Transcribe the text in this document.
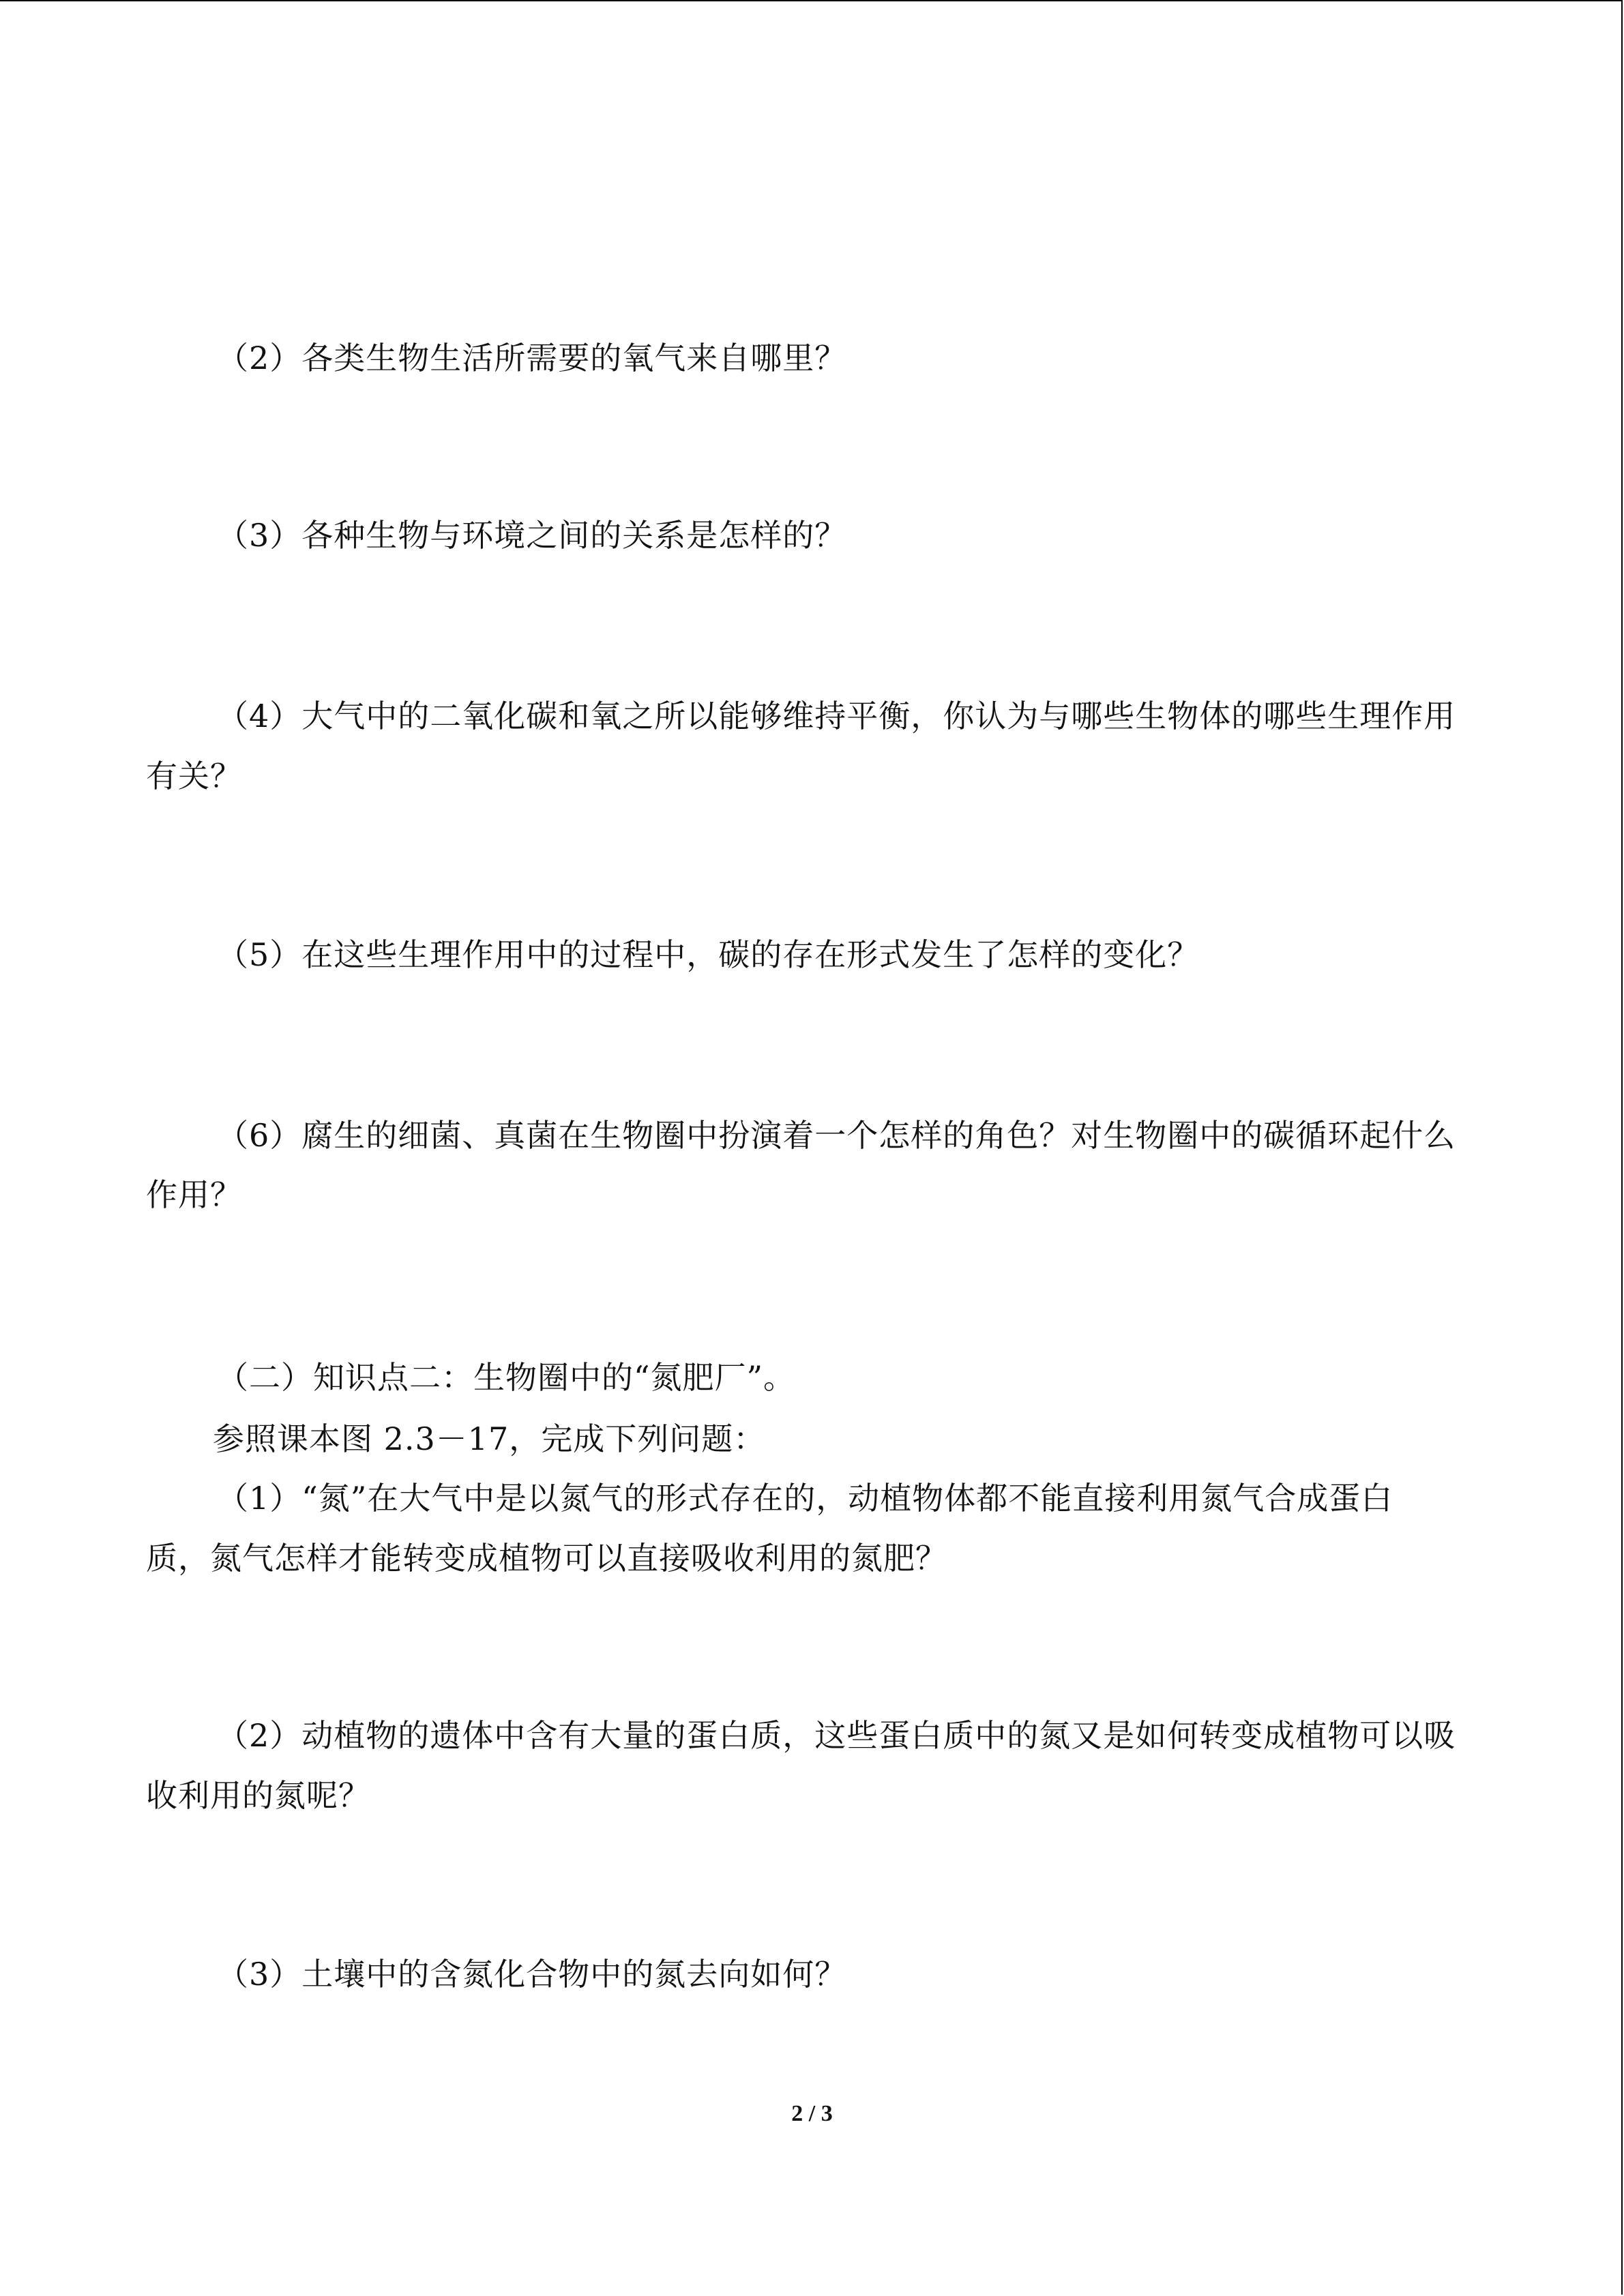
（2）各类生物生活所需要的氧气来自哪里？

（3）各种生物与环境之间的关系是怎样的？

（4）大气中的二氧化碳和氧之所以能够维持平衡，你认为与哪些生物体的哪些生理作用

有关？

（5）在这些生理作用中的过程中，碳的存在形式发生了怎样的变化？

（6）腐生的细菌、真菌在生物圈中扮演着一个怎样的角色？对生物圈中的碳循环起什么

作用？

（二）知识点二：生物圈中的“氮肥厂”。

参照课本图 2.3－17，完成下列问题：

（1）“氮”在大气中是以氮气的形式存在的，动植物体都不能直接利用氮气合成蛋白

质，氮气怎样才能转变成植物可以直接吸收利用的氮肥？

（2）动植物的遗体中含有大量的蛋白质，这些蛋白质中的氮又是如何转变成植物可以吸

收利用的氮呢？

（3）土壤中的含氮化合物中的氮去向如何？

2 / 3
